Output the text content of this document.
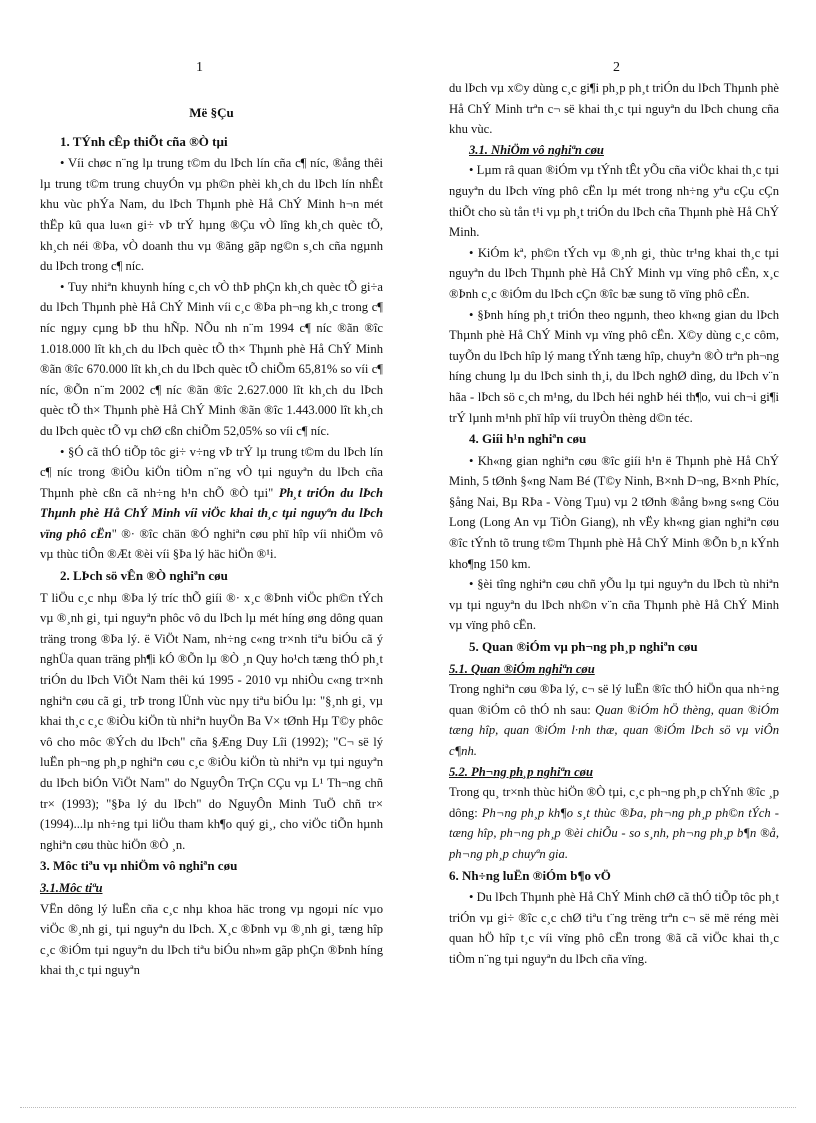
1	2
Më §Çu
1. TÝnh cÊp thiÕt cña ®Ò tµi

• Víi chøc n¨ng lµ trung t©m du lÞch lín cña c¶ níc, ®ång thêi lµ trung t©m trung chuyÓn vµ ph©n phèi kh¸ch du lÞch lín nhÊt khu vùc phÝa Nam, du lÞch Thµnh phè Hå ChÝ Minh h¬n mét thËp kû qua lu«n gi÷ vÞ trÝ hµng ®Çu vÒ lîng kh¸ch quèc tÕ, kh¸ch néi ®Þa, vÒ doanh thu vµ ®ãng gãp ng©n s¸ch cña ngµnh du lÞch trong c¶ níc.

• Tuy nhiªn khuynh híng c¸ch vÒ thÞ phÇn kh¸ch quèc tÕ gi÷a du lÞch Thµnh phè Hå ChÝ Minh víi c¸c ®Þa ph¬ng kh¸c trong c¶ níc ngµy cµng bÞ thu hÑp. NÕu nh n¨m 1994 c¶ níc ®ãn ®îc 1.018.000 lît kh¸ch du lÞch quèc tÕ th× Thµnh phè Hå ChÝ Minh ®ãn ®îc 670.000 lît kh¸ch du lÞch quèc tÕ chiÕm 65,81% so víi c¶ níc, ®Õn n¨m 2002 c¶ níc ®ãn ®îc 2.627.000 lît kh¸ch du lÞch quèc tÕ th× Thµnh phè Hå ChÝ Minh ®ãn ®îc 1.443.000 lît kh¸ch du lÞch quèc tÕ vµ chØ cßn chiÕm 52,05% so víi c¶ níc.

• §Ó cã thÓ tiÕp tôc gi÷ v÷ng vÞ trÝ lµ trung t©m du lÞch lín c¶ níc trong ®iÒu kiÖn tiÒm n¨ng vÒ tµi nguyªn du lÞch cña Thµnh phè cßn cã nh÷ng h¹n chÕ ®Ò tµi" Ph¸t triÓn du lÞch Thµnh phè Hå ChÝ Minh víi viÖc khai th¸c tµi nguyªn du lÞch vïng phô cËn" ®· ®îc chän ®Ó nghiªn cøu phï hîp víi nhiÖm vô vµ thùc tiÔn ®Æt ®èi víi §Þa lý häc hiÖn ®¹i.

2. LÞch sö vÊn ®Ò nghiªn cøu

T liÖu c¸c nhµ ®Þa lý tríc thÕ giíi ®· x¸c ®Þnh viÖc ph©n tÝch vµ ®¸nh gi¸ tµi nguyªn phôc vô du lÞch lµ mét híng øng dông quan träng trong ®Þa lý. ë ViÖt Nam, nh÷ng c«ng tr×nh tiªu biÓu cã ý nghÜa quan träng ph¶i kÓ ®Õn lµ ®Ò ¸n Quy ho¹ch tæng thÓ ph¸t triÓn du lÞch ViÖt Nam thêi kú 1995 - 2010 vµ nhiÒu c«ng tr×nh nghiªn cøu cã gi¸ trÞ trong lÜnh vùc nµy tiªu biÓu lµ: "§¸nh gi¸ vµ khai th¸c c¸c ®iÒu kiÖn tù nhiªn huyÖn Ba V× tØnh Hµ T©y phôc vô cho môc ®Ých du lÞch" cña §Æng Duy Lîi (1992); "C¬ së lý luËn ph¬ng ph¸p nghiªn cøu c¸c ®iÒu kiÖn tù nhiªn vµ tµi nguyªn du lÞch biÓn ViÖt Nam" do NguyÔn TrÇn CÇu vµ L¹ Th¬ng chñ tr× (1993); "§Þa lý du lÞch" do NguyÔn Minh TuÖ chñ tr× (1994)...lµ nh÷ng tµi liÖu tham kh¶o quý gi¸, cho viÖc tiÕn hµnh nghiªn cøu thùc hiÖn ®Ò ¸n.

3. Môc tiªu vµ nhiÖm vô nghiªn cøu
3.1.Môc tiªu

VËn dông lý luËn cña c¸c nhµ khoa häc trong vµ ngoµi níc vµo viÖc ®¸nh gi¸ tµi nguyªn du lÞch. X¸c ®Þnh vµ ®¸nh gi¸ tæng hîp c¸c ®iÓm tµi nguyªn du lÞch tiªu biÓu nh»m gãp phÇn ®Þnh híng khai th¸c tµi nguyªn

du lÞch vµ x©y dùng c¸c gi¶i ph¸p ph¸t triÓn du lÞch Thµnh phè Hå ChÝ Minh trªn c¬ së khai th¸c tµi nguyªn du lÞch chung cña khu vùc.

3.1. NhiÖm vô nghiªn cøu

• Lµm râ quan ®iÓm vµ tÝnh tÊt yÕu cña viÖc khai th¸c tµi nguyªn du lÞch vïng phô cËn lµ mét trong nh÷ng yªu cÇu cÇn thiÕt cho sù tån t¹i vµ ph¸t triÓn du lÞch cña Thµnh phè Hå ChÝ Minh.

• KiÓm kª, ph©n tÝch vµ ®¸nh gi¸ thùc tr¹ng khai th¸c tµi nguyªn du lÞch Thµnh phè Hå ChÝ Minh vµ vïng phô cËn, x¸c ®Þnh c¸c ®iÓm du lÞch cÇn ®îc bæ sung tõ vïng phô cËn.

• §Þnh híng ph¸t triÓn theo ngµnh, theo kh«ng gian du lÞch Thµnh phè Hå ChÝ Minh vµ vïng phô cËn. X©y dùng c¸c côm, tuyÕn du lÞch hîp lý mang tÝnh tæng hîp, chuyªn ®Ò trªn ph¬ng híng chung lµ du lÞch sinh th¸i, du lÞch nghØ dìng, du lÞch v¨n hãa - lÞch sö c¸ch m¹ng, du lÞch héi nghÞ héi th¶o, vui ch¬i gi¶i trÝ lµnh m¹nh phï hîp víi truyÒn thèng d©n téc.

4. Giíi h¹n nghiªn cøu

• Kh«ng gian nghiªn cøu ®îc giíi h¹n ë Thµnh phè Hå ChÝ Minh, 5 tØnh §«ng Nam Bé (T©y Ninh, B×nh D¬ng, B×nh Phíc, §ång Nai, Bµ RÞa - Vòng Tµu) vµ 2 tØnh ®ång b»ng s«ng Cöu Long (Long An vµ TiÒn Giang), nh vËy kh«ng gian nghiªn cøu ®îc tÝnh tõ trung t©m Thµnh phè Hå ChÝ Minh ®Õn b¸n kÝnh kho¶ng 150 km.

• §èi tîng nghiªn cøu chñ yÕu lµ tµi nguyªn du lÞch tù nhiªn vµ tµi nguyªn du lÞch nh©n v¨n cña Thµnh phè Hå ChÝ Minh vµ vïng phô cËn.

5. Quan ®iÓm vµ ph¬ng ph¸p nghiªn cøu
5.1. Quan ®iÓm nghiªn cøu

Trong nghiªn cøu ®Þa lý, c¬ së lý luËn ®îc thÓ hiÖn qua nh÷ng quan ®iÓm cô thÓ nh sau: Quan ®iÓm hÖ thèng, quan ®iÓm tæng hîp, quan ®iÓm l·nh thæ, quan ®iÓm lÞch sö vµ viÔn c¶nh.

5.2. Ph¬ng ph¸p nghiªn cøu

Trong qu¸ tr×nh thùc hiÖn ®Ò tµi, c¸c ph¬ng ph¸p chÝnh ®îc ¸p dông: Ph¬ng ph¸p kh¶o s¸t thùc ®Þa, ph¬ng ph¸p ph©n tÝch - tæng hîp, ph¬ng ph¸p ®èi chiÕu - so s¸nh, ph¬ng ph¸p b¶n ®å, ph¬ng ph¸p chuyªn gia.

6. Nh÷ng luËn ®iÓm b¶o vÖ

• Du lÞch Thµnh phè Hå ChÝ Minh chØ cã thÓ tiÕp tôc ph¸t triÓn vµ gi÷ ®îc c¸c chØ tiªu t¨ng trëng trªn c¬ së më réng mèi quan hÖ hîp t¸c víi vïng phô cËn trong ®ã cã viÖc khai th¸c tiÒm n¨ng tµi nguyªn du lÞch cña vïng.
